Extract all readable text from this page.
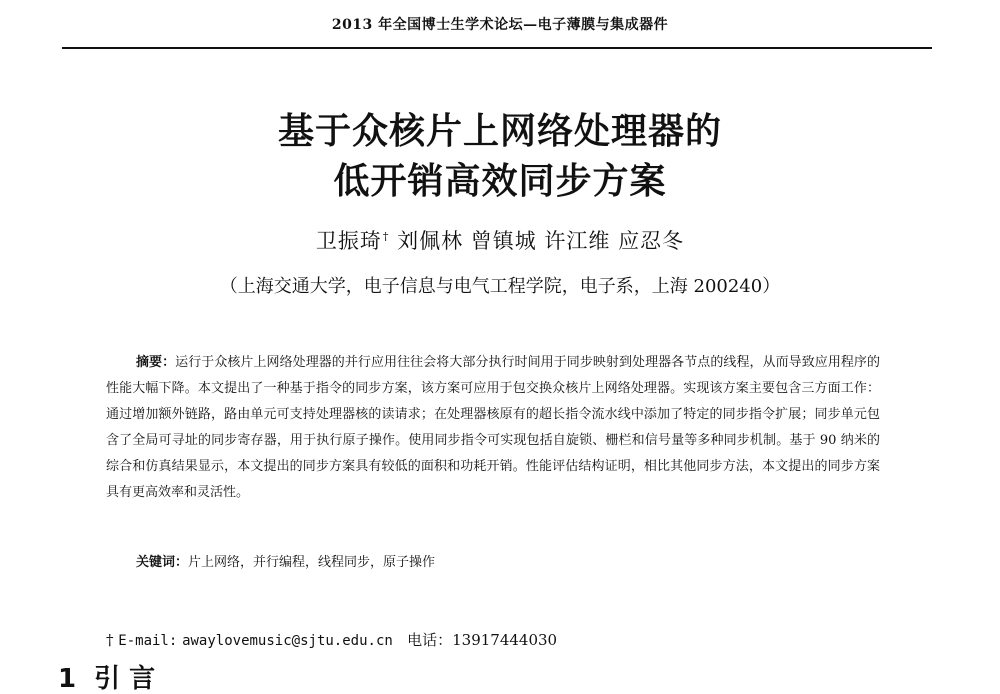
2013 年全国博士生学术论坛—电子薄膜与集成器件
基于众核片上网络处理器的
低开销高效同步方案
卫振琦† 刘佩林 曾镇城 许江维 应忍冬
（上海交通大学，电子信息与电气工程学院，电子系，上海 200240）
摘要：运行于众核片上网络处理器的并行应用往往会将大部分执行时间用于同步映射到处理器各节点的线程，从而导致应用程序的性能大幅下降。本文提出了一种基于指令的同步方案，该方案可应用于包交换众核片上网络处理器。实现该方案主要包含三方面工作：通过增加额外链路，路由单元可支持处理器核的读请求；在处理器核原有的超长指令流水线中添加了特定的同步指令扩展；同步单元包含了全局可寻址的同步寄存器，用于执行原子操作。使用同步指令可实现包括自旋锁、栅栏和信号量等多种同步机制。基于 90 纳米的综合和仿真结果显示，本文提出的同步方案具有较低的面积和功耗开销。性能评估结构证明，相比其他同步方法，本文提出的同步方案具有更高效率和灵活性。
关键词：片上网络，并行编程，线程同步，原子操作
† E-mail: awaylovemusic@sjtu.edu.cn 电话：13917444030
1 引 言
